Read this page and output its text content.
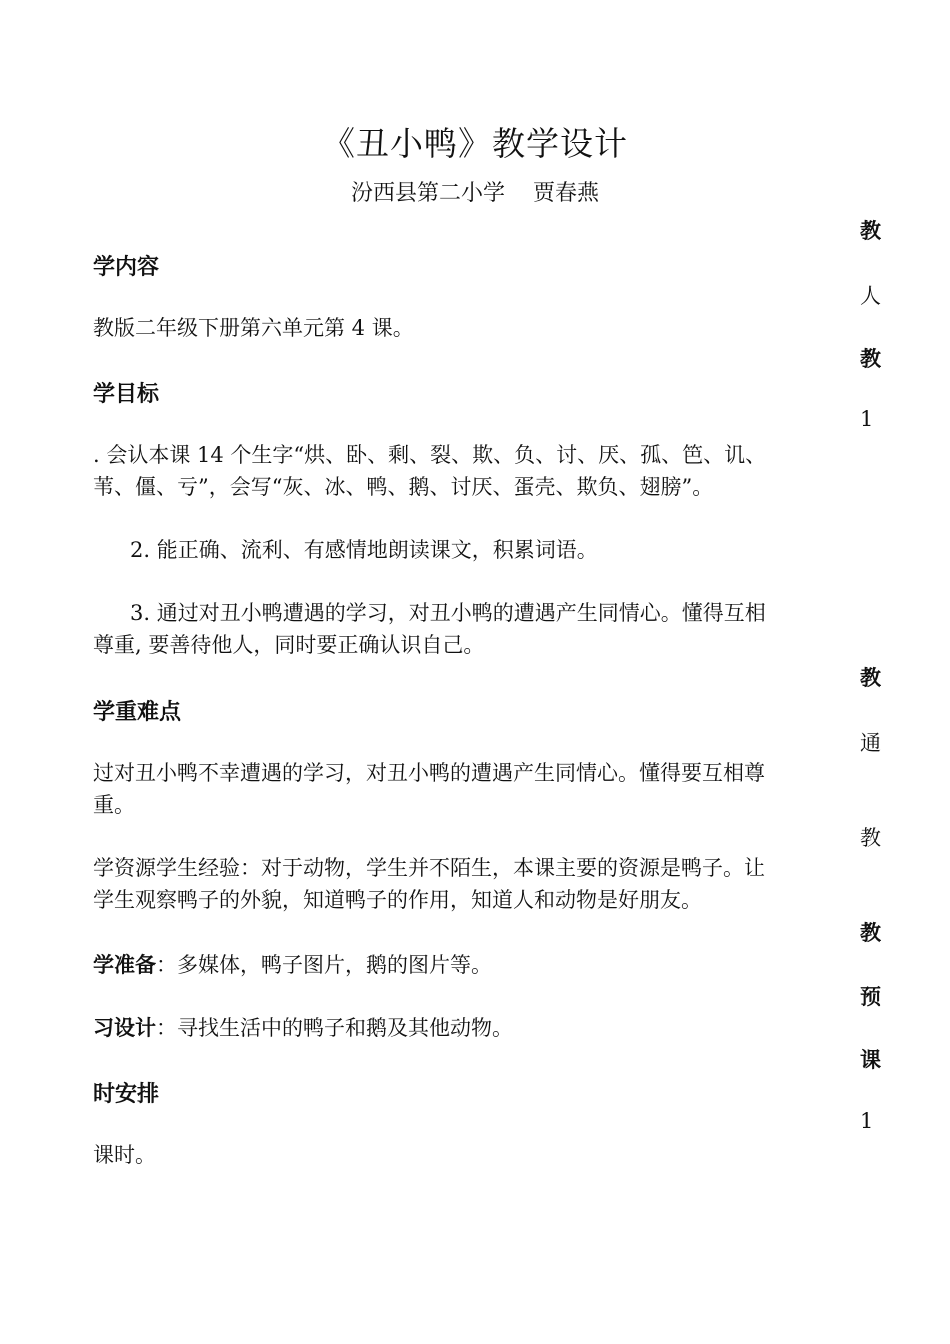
《丑小鸭》教学设计
汾西县第二小学 贾春燕
学内容
教版二年级下册第六单元第 4 课。
学目标
. 会认本课 14 个生字“烘、卧、剩、裂、欺、负、讨、厌、孤、笆、讥、
苇、僵、亏”，会写“灰、冰、鸭、鹅、讨厌、蛋壳、欺负、翅膀”。
2. 能正确、流利、有感情地朗读课文，积累词语。
3. 通过对丑小鸭遭遇的学习，对丑小鸭的遭遇产生同情心。懂得互相
尊重, 要善待他人，同时要正确认识自己。
学重难点
过对丑小鸭不幸遭遇的学习，对丑小鸭的遭遇产生同情心。懂得要互相尊
重。
学资源学生经验：对于动物，学生并不陌生，本课主要的资源是鸭子。让
学生观察鸭子的外貌，知道鸭子的作用，知道人和动物是好朋友。
学准备：多媒体，鸭子图片，鹅的图片等。
习设计：寻找生活中的鸭子和鹅及其他动物。
时安排
课时。
教
人
教
1
教
通
教
教
预
课
1
